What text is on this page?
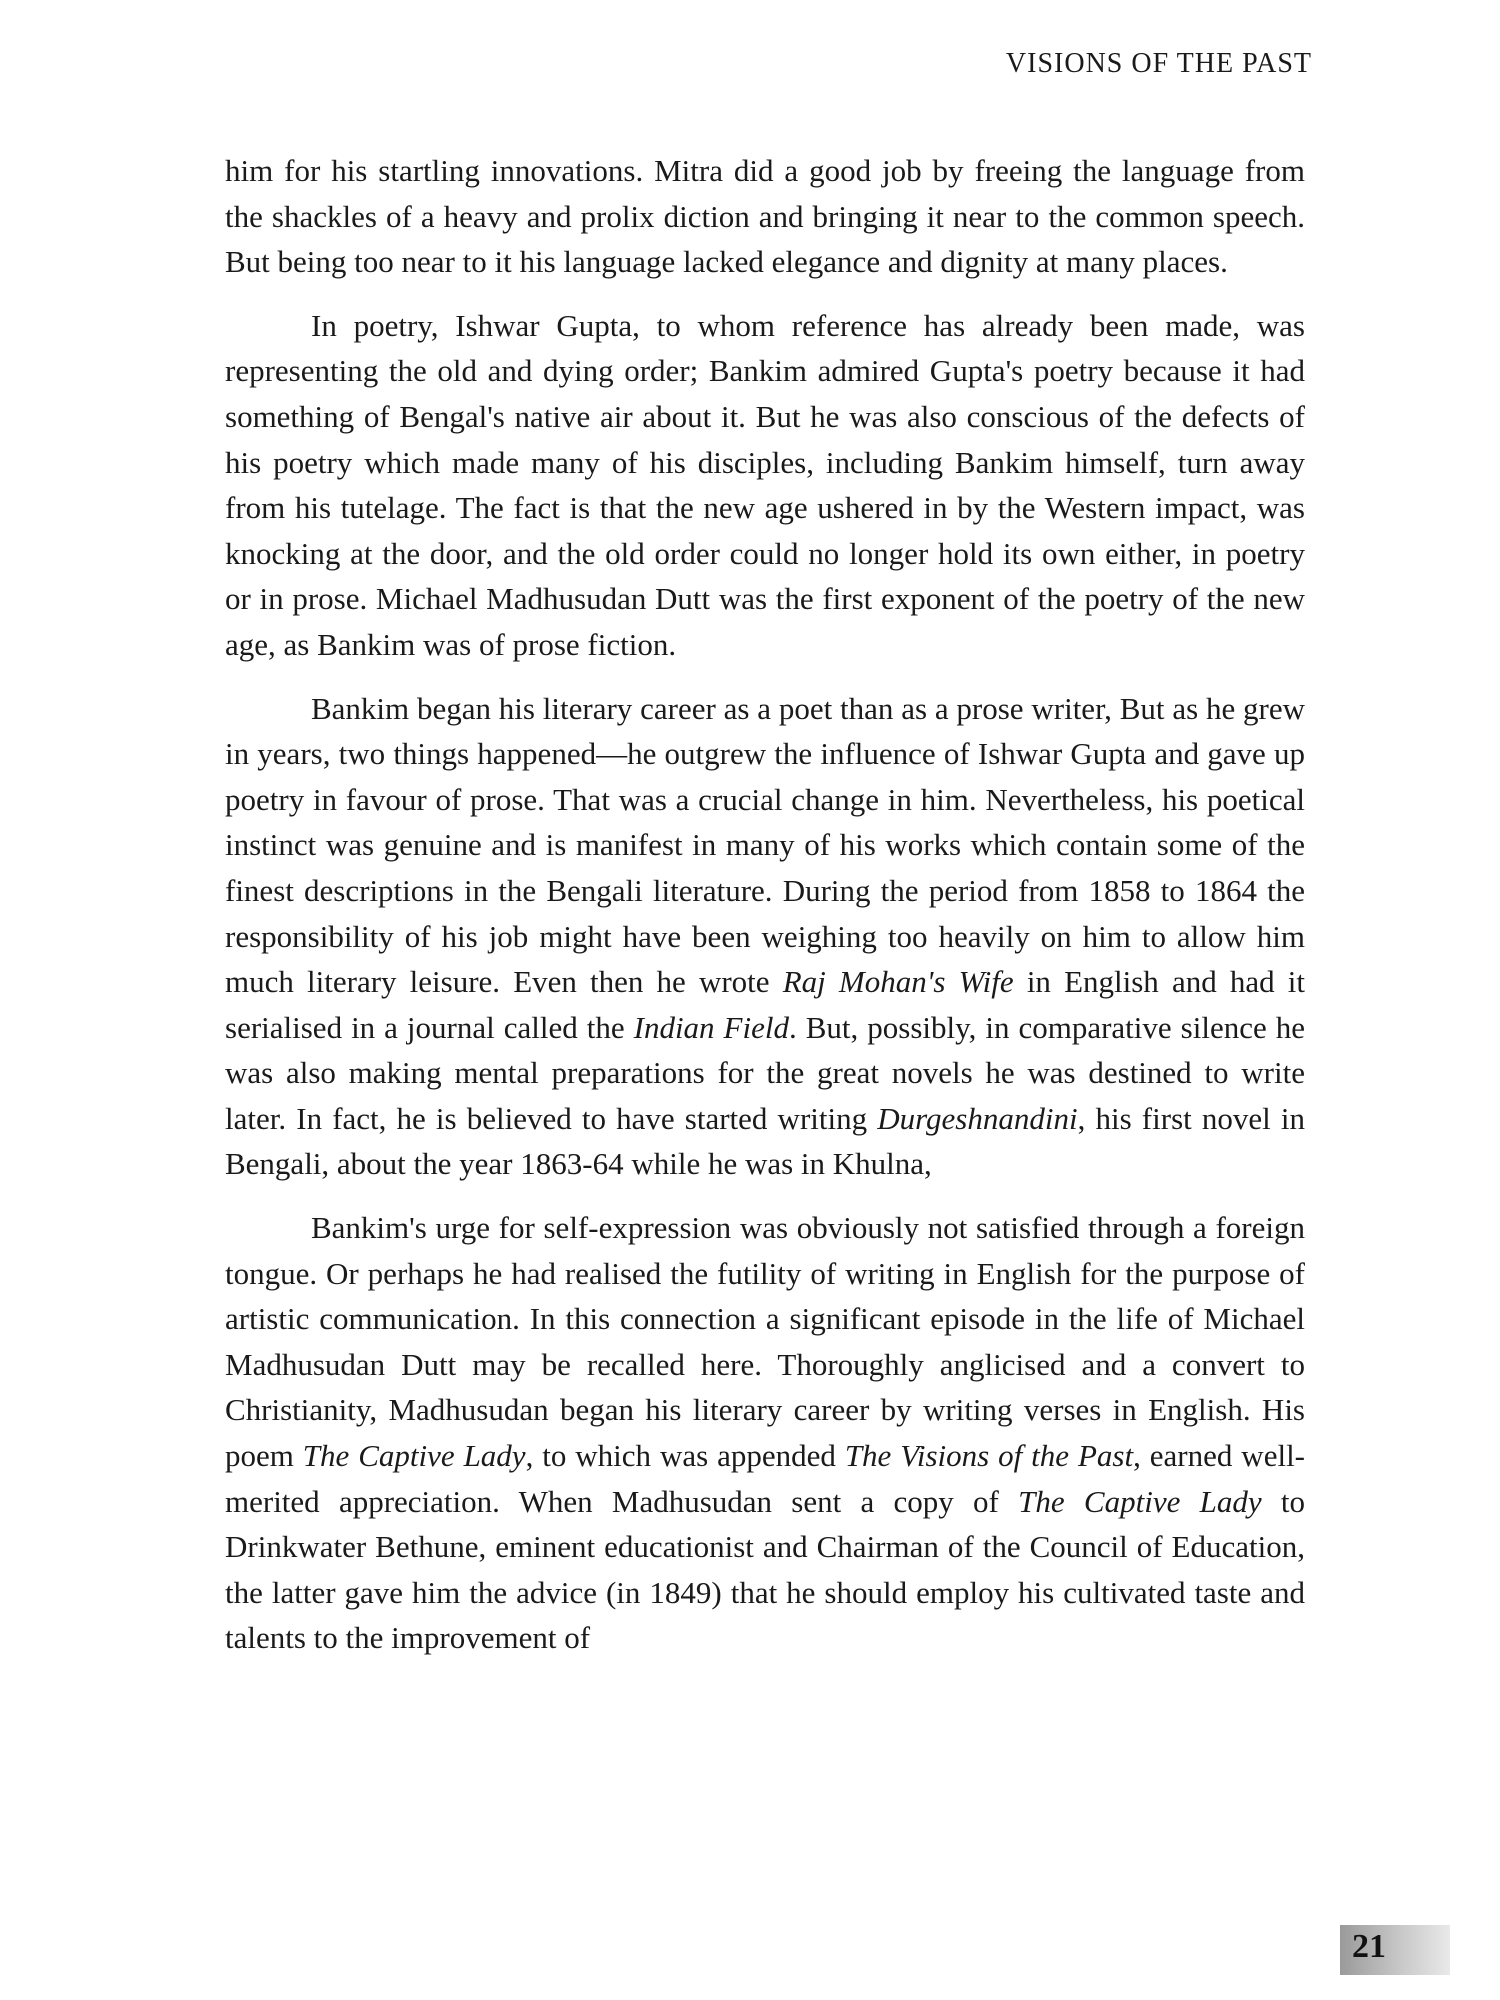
VISIONS OF THE PAST

him for his startling innovations. Mitra did a good job by freeing the language from the shackles of a heavy and prolix diction and bringing it near to the common speech. But being too near to it his language lacked elegance and dignity at many places.

In poetry, Ishwar Gupta, to whom reference has already been made, was representing the old and dying order; Bankim admired Gupta's poetry because it had something of Bengal's native air about it. But he was also conscious of the defects of his poetry which made many of his disciples, including Bankim himself, turn away from his tutelage. The fact is that the new age ushered in by the Western impact, was knocking at the door, and the old order could no longer hold its own either, in poetry or in prose. Michael Madhusudan Dutt was the first exponent of the poetry of the new age, as Bankim was of prose fiction.

Bankim began his literary career as a poet than as a prose writer, But as he grew in years, two things happened—he outgrew the influence of Ishwar Gupta and gave up poetry in favour of prose. That was a crucial change in him. Nevertheless, his poetical instinct was genuine and is manifest in many of his works which contain some of the finest descriptions in the Bengali literature. During the period from 1858 to 1864 the responsibility of his job might have been weighing too heavily on him to allow him much literary leisure. Even then he wrote Raj Mohan's Wife in English and had it serialised in a journal called the Indian Field. But, possibly, in comparative silence he was also making mental preparations for the great novels he was destined to write later. In fact, he is believed to have started writing Durgeshnandini, his first novel in Bengali, about the year 1863-64 while he was in Khulna,

Bankim's urge for self-expression was obviously not satisfied through a foreign tongue. Or perhaps he had realised the futility of writing in English for the purpose of artistic communication. In this connection a significant episode in the life of Michael Madhusudan Dutt may be recalled here. Thoroughly anglicised and a convert to Christianity, Madhusudan began his literary career by writing verses in English. His poem The Captive Lady, to which was appended The Visions of the Past, earned well-merited appreciation. When Madhusudan sent a copy of The Captive Lady to Drinkwater Bethune, eminent educationist and Chairman of the Council of Education, the latter gave him the advice (in 1849) that he should employ his cultivated taste and talents to the improvement of

21
